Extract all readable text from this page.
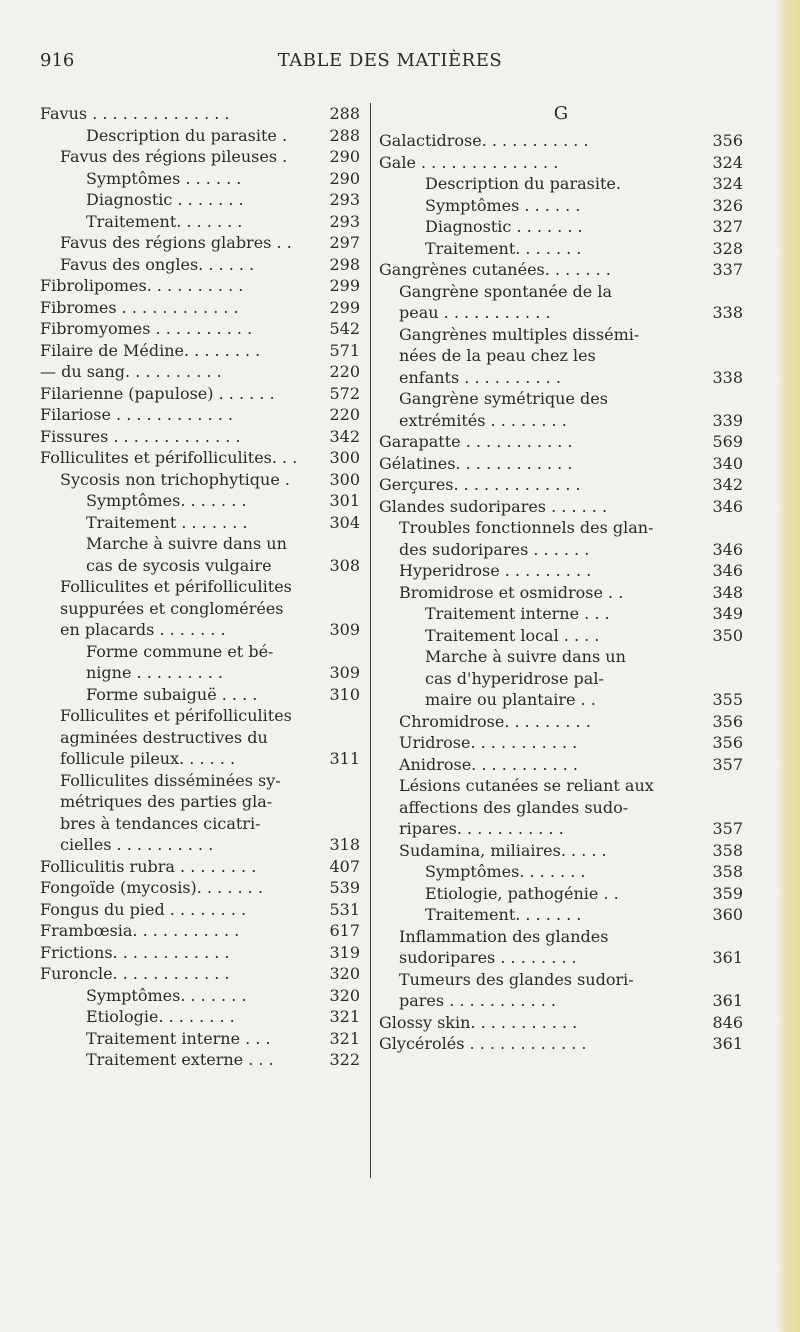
916	TABLE DES MATIÈRES
Favus . . . . . . . . . . . . . .	288
Description du parasite .	288
Favus des régions pileuses .	290
Symptômes . . . . . .	290
Diagnostic . . . . . . .	293
Traitement. . . . . . .	293
Favus des régions glabres . . 297
Favus des ongles. . . . . .	298
Fibrolipomes. . . . . . . . . .	299
Fibromes . . . . . . . . . . . .	299
Fibromyomes . . . . . . . . . .	542
Filaire de Médine. . . . . . . .	571
— du sang. . . . . . . . . .	220
Filarienne (papulose) . . . . . .	572
Filariose . . . . . . . . . . . .	220
Fissures . . . . . . . . . . . . .	342
Folliculites et périfolliculites. . . 300
Sycosis non trichophytique . 300
Symptômes. . . . . . .	301
Traitement . . . . . . .	304
Marche à suivre dans un
cas de sycosis vulgaire	308
Folliculites et périfolliculites
suppurées et conglomérées
en placards . . . . . . .	309
Forme commune et bé-
nigne . . . . . . . . .	309
Forme subaiguë . . . .	310
Folliculites et périfolliculites
agminées destructives du
follicule pileux. . . . . .	311
Folliculites disséminées sy-
métriques des parties gla-
bres à tendances cicatri-
cielles . . . . . . . . . .	318
Folliculitis rubra . . . . . . . .	407
Fongoïde (mycosis). . . . . . .	539
Fongus du pied . . . . . . . .	531
Frambœsia. . . . . . . . . . .	617
Frictions. . . . . . . . . . . .	319
Furoncle. . . . . . . . . . . .	320
Symptômes. . . . . . .	320
Etiologie. . . . . . . .	321
Traitement interne . . .	321
Traitement externe . . .	322
G
Galactidrose. . . . . . . . . . .	356
Gale . . . . . . . . . . . . . .	324
Description du parasite.	324
Symptômes . . . . . .	326
Diagnostic . . . . . . .	327
Traitement. . . . . . .	328
Gangrènes cutanées. . . . . . .	337
Gangrène spontanée de la
peau . . . . . . . . . . .	338
Gangrènes multiples dissémi-
nées de la peau chez les
enfants . . . . . . . . . .	338
Gangrène symétrique des
extrémités . . . . . . . .	339
Garapatte . . . . . . . . . . .	569
Gélatines. . . . . . . . . . . .	340
Gerçures. . . . . . . . . . . . .	342
Glandes sudoripares . . . . . .	346
Troubles fonctionnels des glan-
des sudoripares . . . . . .	346
Hyperidrose . . . . . . . . .	346
Bromidrose et osmidrose . .	348
Traitement interne . . .	349
Traitement local . . . .	350
Marche à suivre dans un
cas d'hyperidrose pal-
maire ou plantaire . .	355
Chromidrose. . . . . . . . .	356
Uridrose. . . . . . . . . . .	356
Anidrose. . . . . . . . . . .	357
Lésions cutanées se reliant aux
affections des glandes sudo-
ripares. . . . . . . . . . .	357
Sudamina, miliaires. . . . .	358
Symptômes. . . . . . .	358
Etiologie, pathogénie . .	359
Traitement. . . . . . .	360
Inflammation des glandes
sudoripares . . . . . . . .	361
Tumeurs des glandes sudori-
pares . . . . . . . . . . .	361
Glossy skin. . . . . . . . . . .	846
Glycérolés . . . . . . . . . . . .	361
